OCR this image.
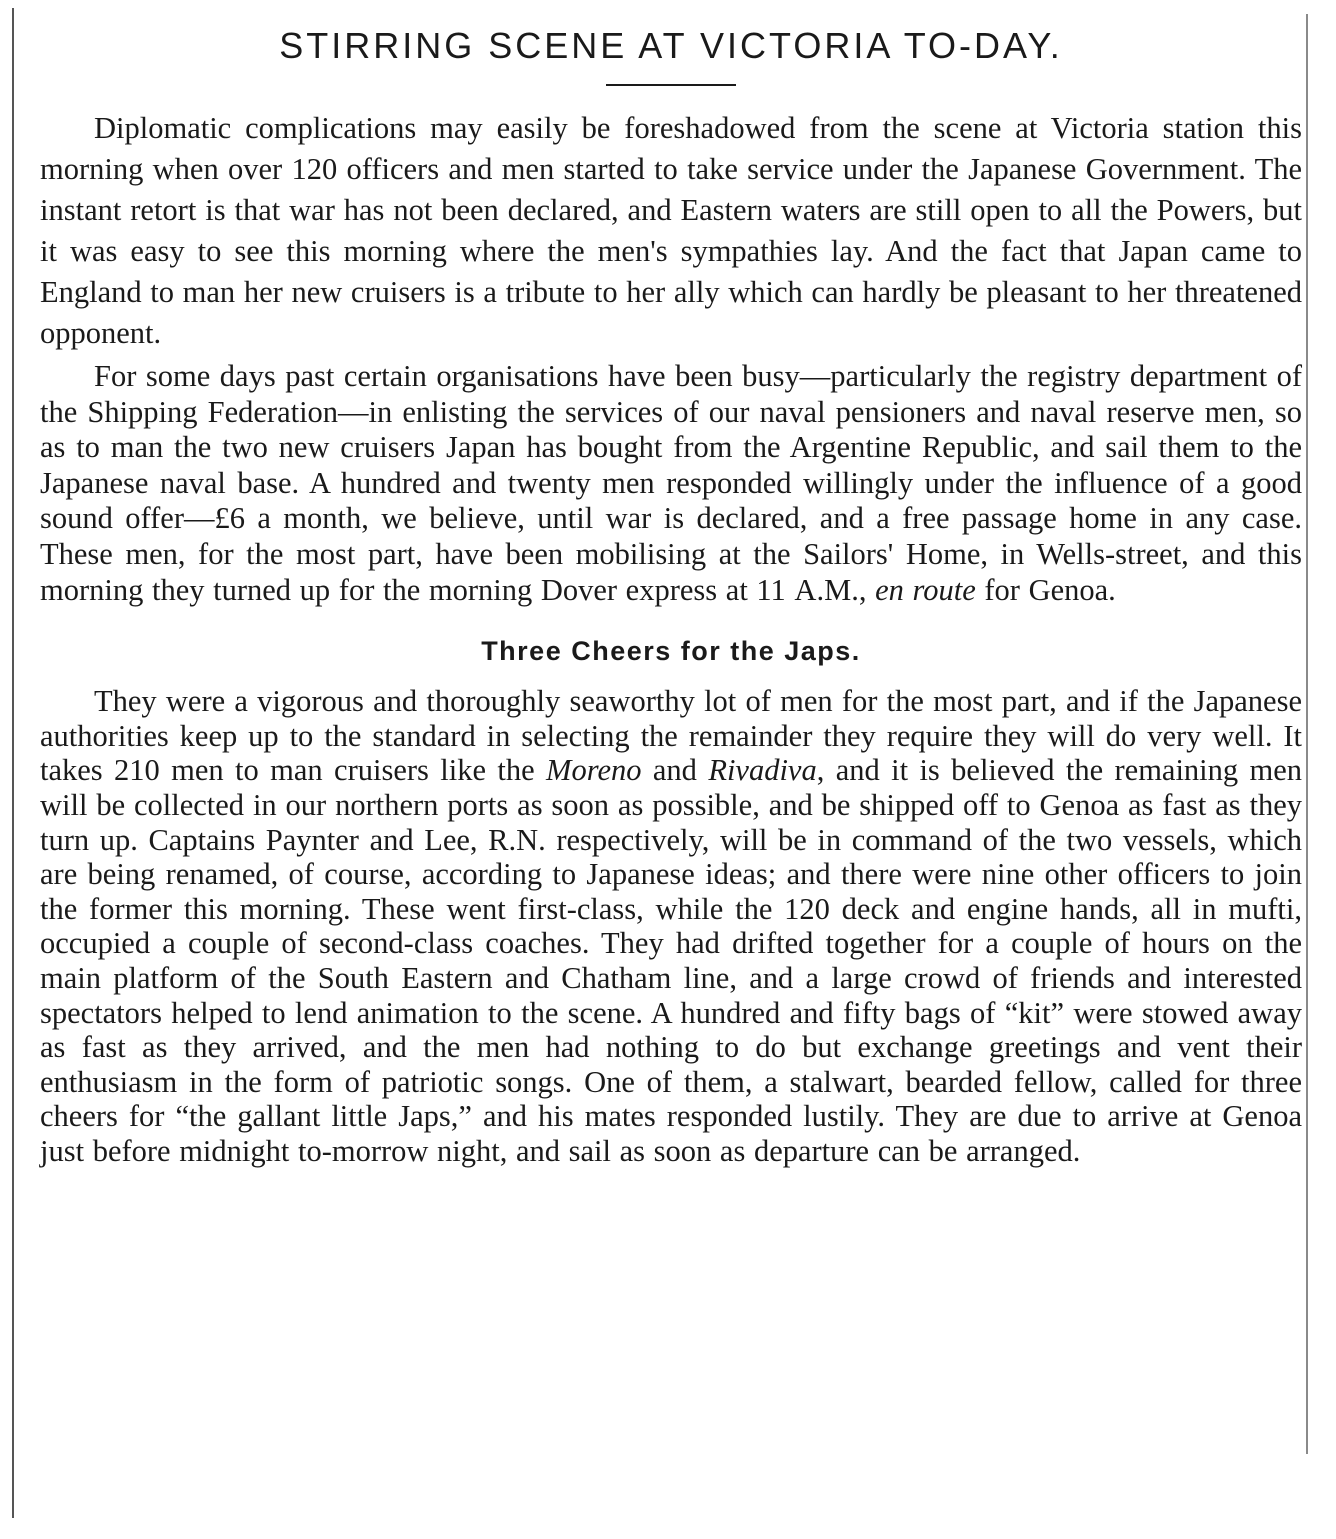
STIRRING SCENE AT VICTORIA TO-DAY.

Diplomatic complications may easily be foreshadowed from the scene at Victoria station this morning when over 120 officers and men started to take service under the Japanese Government. The instant retort is that war has not been declared, and Eastern waters are still open to all the Powers, but it was easy to see this morning where the men's sympathies lay. And the fact that Japan came to England to man her new cruisers is a tribute to her ally which can hardly be pleasant to her threatened opponent.

For some days past certain organisations have been busy—particularly the registry department of the Shipping Federation—in enlisting the services of our naval pensioners and naval reserve men, so as to man the two new cruisers Japan has bought from the Argentine Republic, and sail them to the Japanese naval base. A hundred and twenty men responded willingly under the influence of a good sound offer—£6 a month, we believe, until war is declared, and a free passage home in any case. These men, for the most part, have been mobilising at the Sailors' Home, in Wells-street, and this morning they turned up for the morning Dover express at 11 A.M., en route for Genoa.

Three Cheers for the Japs.

They were a vigorous and thoroughly seaworthy lot of men for the most part, and if the Japanese authorities keep up to the standard in selecting the remainder they require they will do very well. It takes 210 men to man cruisers like the Moreno and Rivadiva, and it is believed the remaining men will be collected in our northern ports as soon as possible, and be shipped off to Genoa as fast as they turn up. Captains Paynter and Lee, R.N. respectively, will be in command of the two vessels, which are being renamed, of course, according to Japanese ideas; and there were nine other officers to join the former this morning. These went first-class, while the 120 deck and engine hands, all in mufti, occupied a couple of second-class coaches. They had drifted together for a couple of hours on the main platform of the South Eastern and Chatham line, and a large crowd of friends and interested spectators helped to lend animation to the scene. A hundred and fifty bags of “kit” were stowed away as fast as they arrived, and the men had nothing to do but exchange greetings and vent their enthusiasm in the form of patriotic songs. One of them, a stalwart, bearded fellow, called for three cheers for “the gallant little Japs,” and his mates responded lustily. They are due to arrive at Genoa just before midnight to-morrow night, and sail as soon as departure can be arranged.
